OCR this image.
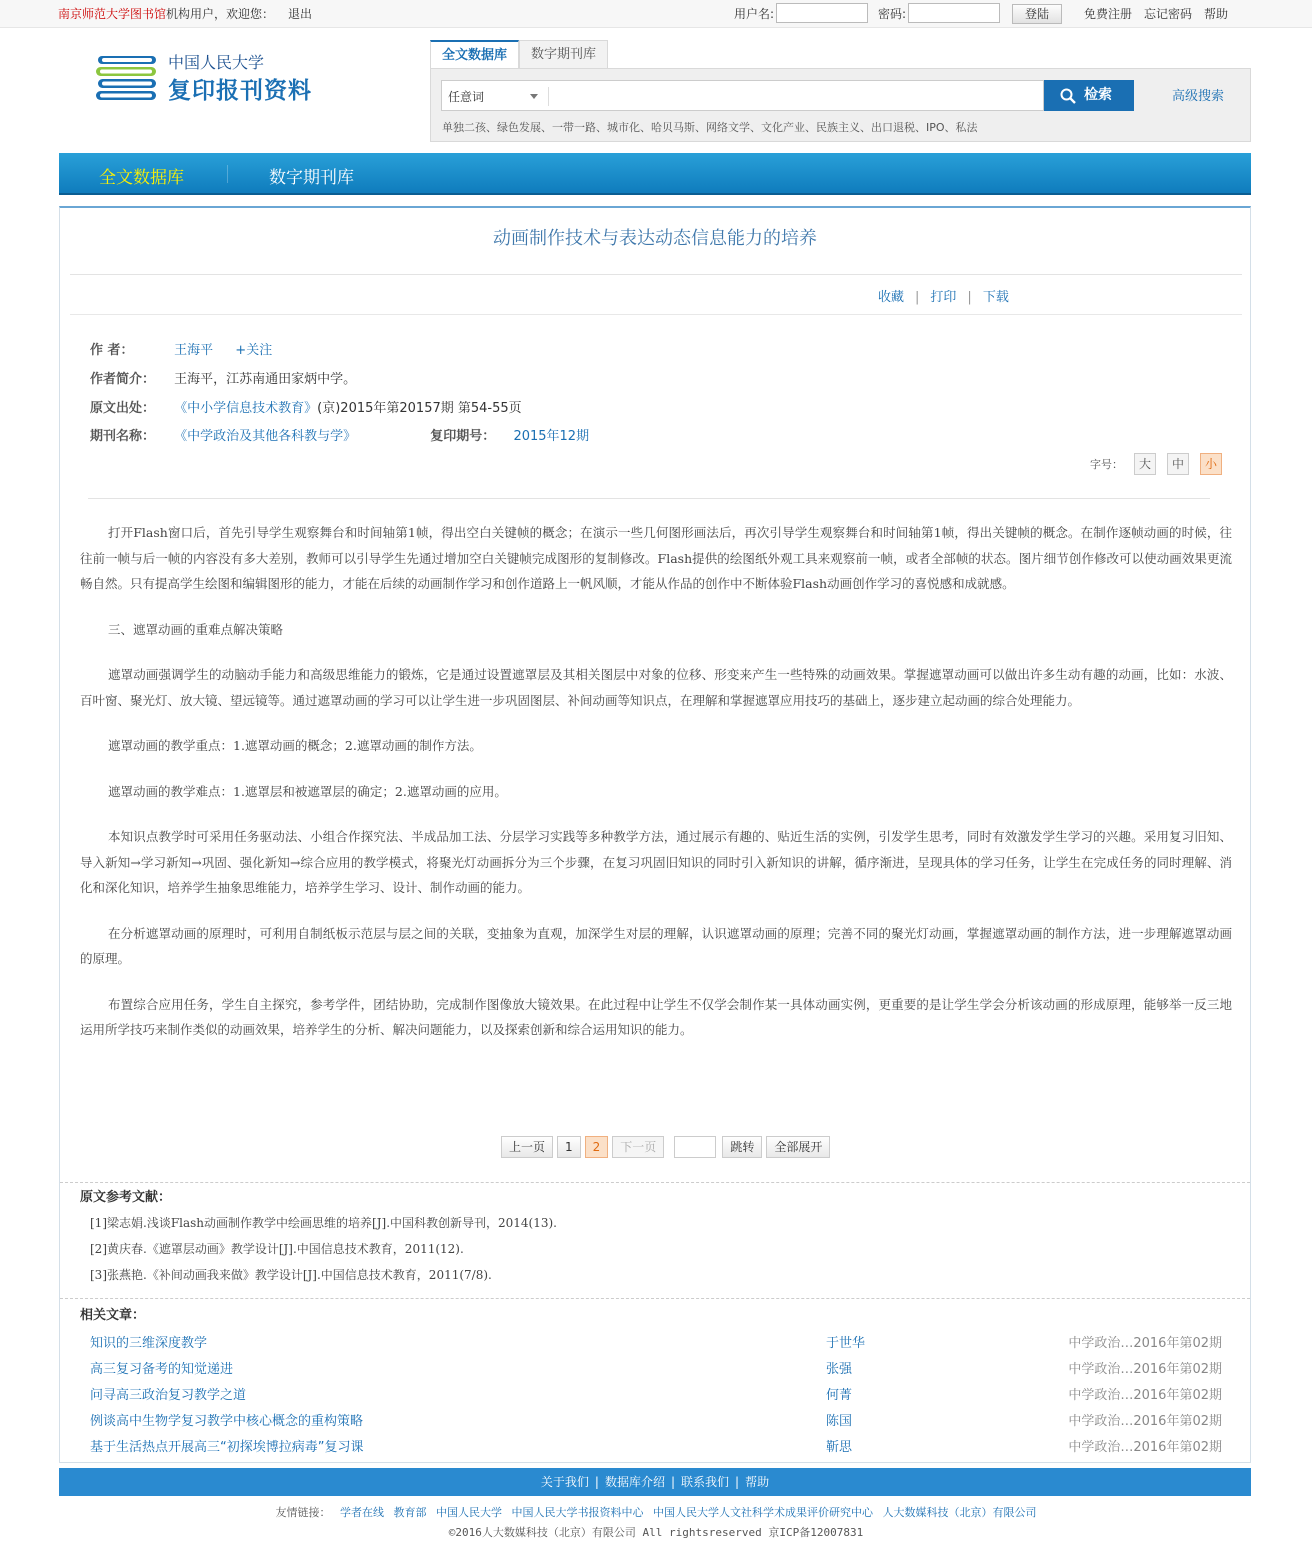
南京师范大学图书馆机构用户，欢迎您： 退出	用户名:	密码:	登陆	免费注册 忘记密码 帮助
中国人民大学
复印报刊资料
全文数据库	数字期刊库
任意词	检索	高级搜索
单独二孩、绿色发展、一带一路、城市化、哈贝马斯、网络文学、文化产业、民族主义、出口退税、IPO、私法
全文数据库	数字期刊库
动画制作技术与表达动态信息能力的培养
收藏 | 打印 | 下载
作 者：	王海平 +关注
作者简介： 王海平，江苏南通田家炳中学。
原文出处： 《中小学信息技术教育》(京)2015年第20157期 第54-55页
期刊名称： 《中学政治及其他各科教与学》	复印期号： 2015年12期
字号：	大	中	小

打开Flash窗口后，首先引导学生观察舞台和时间轴第1帧，得出空白关键帧的概念；在演示一些几何图形画法后，再次引导学生观察舞台和时间轴第1帧，得出关键帧的概念。在制作逐帧动画的时候，往往前一帧与后一帧的内容没有多大差别，教师可以引导学生先通过增加空白关键帧完成图形的复制修改。Flash提供的绘图纸外观工具来观察前一帧，或者全部帧的状态。图片细节创作修改可以使动画效果更流畅自然。只有提高学生绘图和编辑图形的能力，才能在后续的动画制作学习和创作道路上一帆风顺，才能从作品的创作中不断体验Flash动画创作学习的喜悦感和成就感。

三、遮罩动画的重难点解决策略

遮罩动画强调学生的动脑动手能力和高级思维能力的锻炼，它是通过设置遮罩层及其相关图层中对象的位移、形变来产生一些特殊的动画效果。掌握遮罩动画可以做出许多生动有趣的动画，比如：水波、百叶窗、聚光灯、放大镜、望远镜等。通过遮罩动画的学习可以让学生进一步巩固图层、补间动画等知识点，在理解和掌握遮罩应用技巧的基础上，逐步建立起动画的综合处理能力。

遮罩动画的教学重点：1.遮罩动画的概念；2.遮罩动画的制作方法。

遮罩动画的教学难点：1.遮罩层和被遮罩层的确定；2.遮罩动画的应用。

本知识点教学时可采用任务驱动法、小组合作探究法、半成品加工法、分层学习实践等多种教学方法，通过展示有趣的、贴近生活的实例，引发学生思考，同时有效激发学生学习的兴趣。采用复习旧知、导入新知→学习新知→巩固、强化新知→综合应用的教学模式，将聚光灯动画拆分为三个步骤，在复习巩固旧知识的同时引入新知识的讲解，循序渐进，呈现具体的学习任务，让学生在完成任务的同时理解、消化和深化知识，培养学生抽象思维能力，培养学生学习、设计、制作动画的能力。

在分析遮罩动画的原理时，可利用自制纸板示范层与层之间的关联，变抽象为直观，加深学生对层的理解，认识遮罩动画的原理；完善不同的聚光灯动画，掌握遮罩动画的制作方法，进一步理解遮罩动画的原理。

布置综合应用任务，学生自主探究，参考学件，团结协助，完成制作图像放大镜效果。在此过程中让学生不仅学会制作某一具体动画实例，更重要的是让学生学会分析该动画的形成原理，能够举一反三地运用所学技巧来制作类似的动画效果，培养学生的分析、解决问题能力，以及探索创新和综合运用知识的能力。

上一页	1	2	下一页	跳转	全部展开
原文参考文献：
[1]梁志娟.浅谈Flash动画制作教学中绘画思维的培养[J].中国科教创新导刊，2014(13).
[2]黄庆春.《遮罩层动画》教学设计[J].中国信息技术教育，2011(12).
[3]张燕艳.《补间动画我来做》教学设计[J].中国信息技术教育，2011(7/8).
相关文章：
知识的三维深度教学	于世华	中学政治…2016年第02期
高三复习备考的知觉递进	张强	中学政治…2016年第02期
问寻高三政治复习教学之道	何菁	中学政治…2016年第02期
例谈高中生物学复习教学中核心概念的重构策略	陈国	中学政治…2016年第02期
基于生活热点开展高三“初探埃博拉病毒”复习课	靳思	中学政治…2016年第02期
关于我们 | 数据库介绍 | 联系我们 | 帮助
友情链接： 学者在线 教育部 中国人民大学 中国人民大学书报资料中心 中国人民大学人文社科学术成果评价研究中心 人大数媒科技（北京）有限公司
©2016人大数媒科技（北京）有限公司 All rightsreserved 京ICP备12007831
